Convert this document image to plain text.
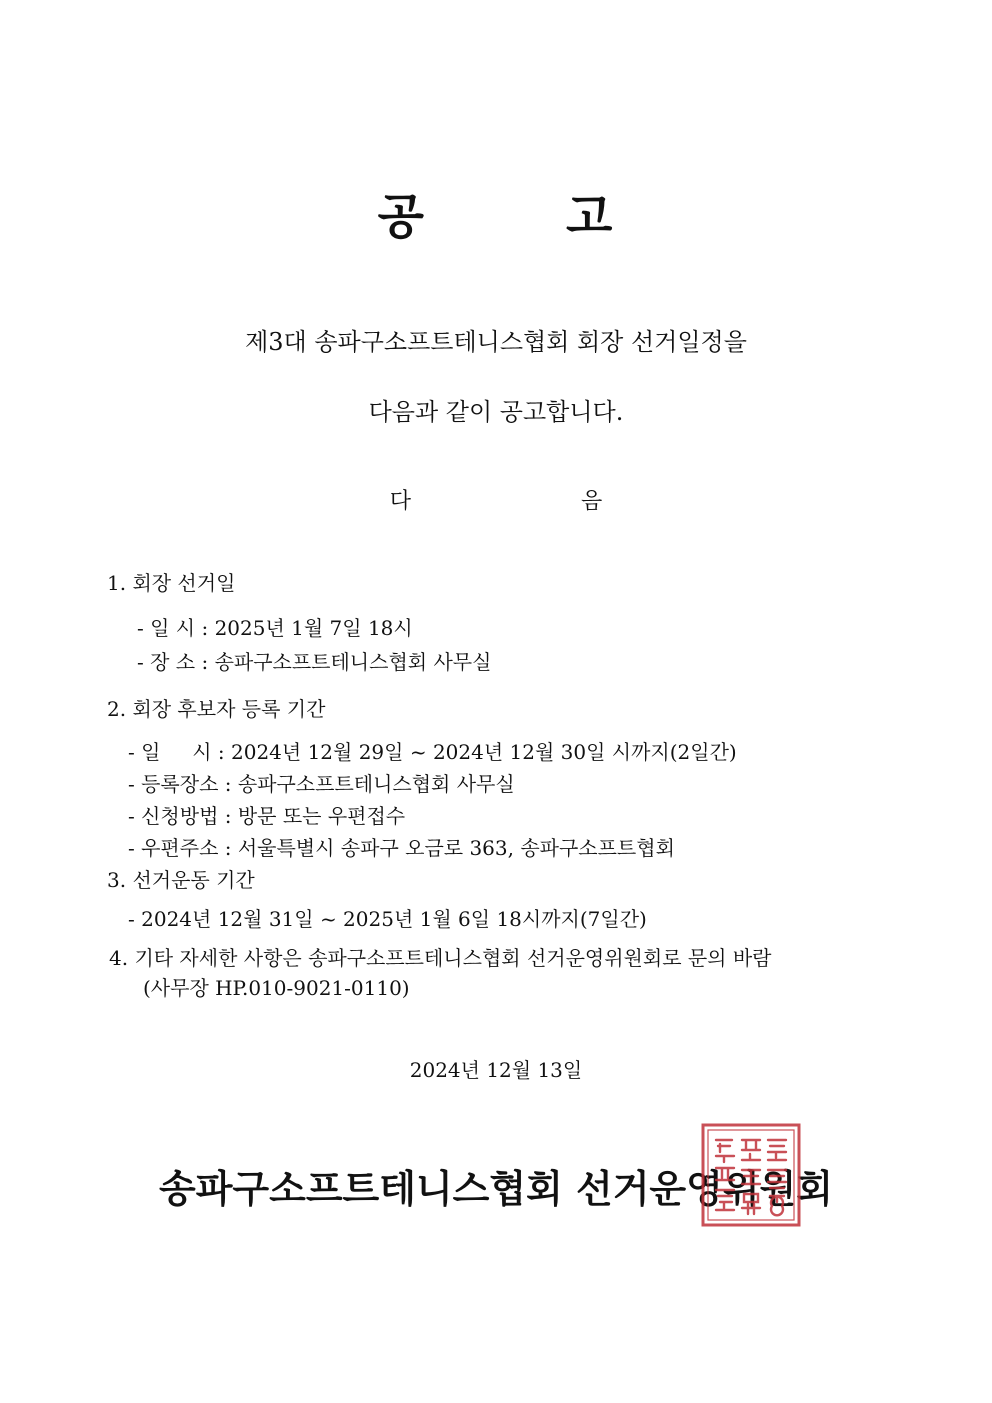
공	고
제3대 송파구소프트테니스협회 회장 선거일정을
다음과 같이 공고합니다.
다	음
1. 회장 선거일
- 일 시 : 2025년 1월 7일 18시
- 장 소 : 송파구소프트테니스협회 사무실
2. 회장 후보자 등록 기간
- 일     시 : 2024년 12월 29일 ~ 2024년 12월 30일 시까지(2일간)
- 등록장소 : 송파구소프트테니스협회 사무실
- 신청방법 : 방문 또는 우편접수
- 우편주소 : 서울특별시 송파구 오금로 363, 송파구소프트협회
3. 선거운동 기간
- 2024년 12월 31일 ~ 2025년 1월 6일 18시까지(7일간)
4. 기타 자세한 사항은 송파구소프트테니스협회 선거운영위원회로 문의 바람
(사무장 HP.010-9021-0110)
2024년 12월 13일
송파구소프트테니스협회 선거운영위원회
